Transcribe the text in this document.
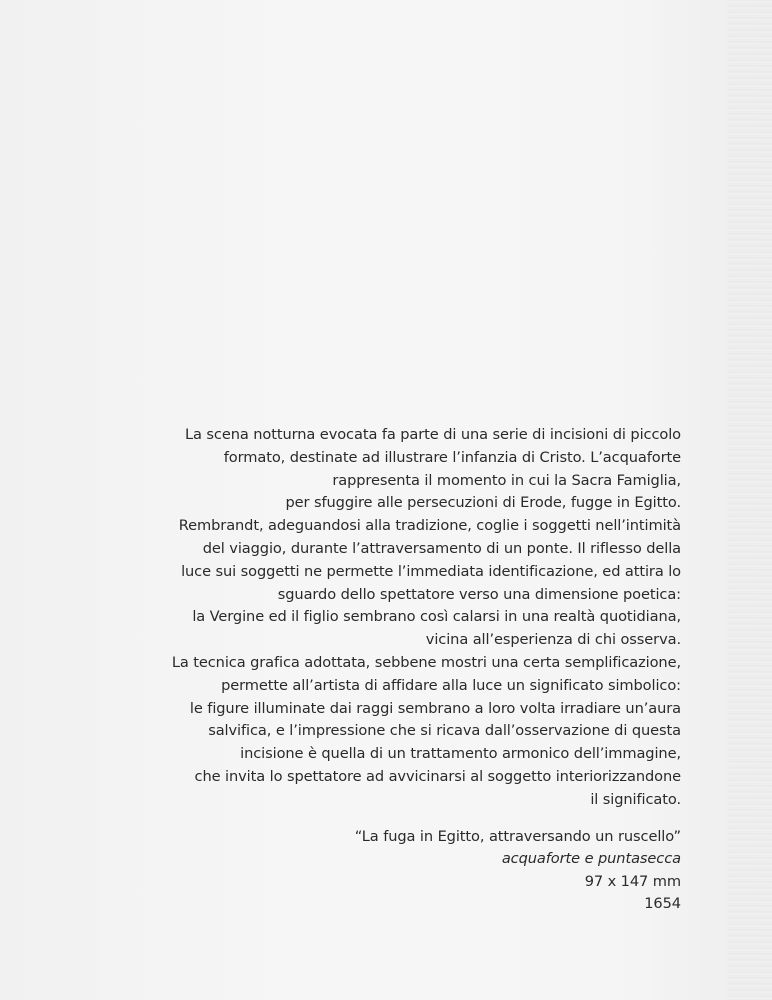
La scena notturna evocata fa parte di una serie di incisioni di piccolo
formato, destinate ad illustrare l’infanzia di Cristo. L’acquaforte
rappresenta il momento in cui la Sacra Famiglia,
per sfuggire alle persecuzioni di Erode, fugge in Egitto.
Rembrandt, adeguandosi alla tradizione, coglie i soggetti nell’intimità
del viaggio, durante l’attraversamento di un ponte. Il riflesso della
luce sui soggetti ne permette l’immediata identificazione, ed attira lo
sguardo dello spettatore verso una dimensione poetica:
la Vergine ed il figlio sembrano così calarsi in una realtà quotidiana,
vicina all’esperienza di chi osserva.
La tecnica grafica adottata, sebbene mostri una certa semplificazione,
permette all’artista di affidare alla luce un significato simbolico:
le figure illuminate dai raggi sembrano a loro volta irradiare un’aura
salvifica, e l’impressione che si ricava dall’osservazione di questa
incisione è quella di un trattamento armonico dell’immagine,
che invita lo spettatore ad avvicinarsi al soggetto interiorizzandone
il significato.

“La fuga in Egitto, attraversando un ruscello”
acquaforte e puntasecca
97 x 147 mm
1654
